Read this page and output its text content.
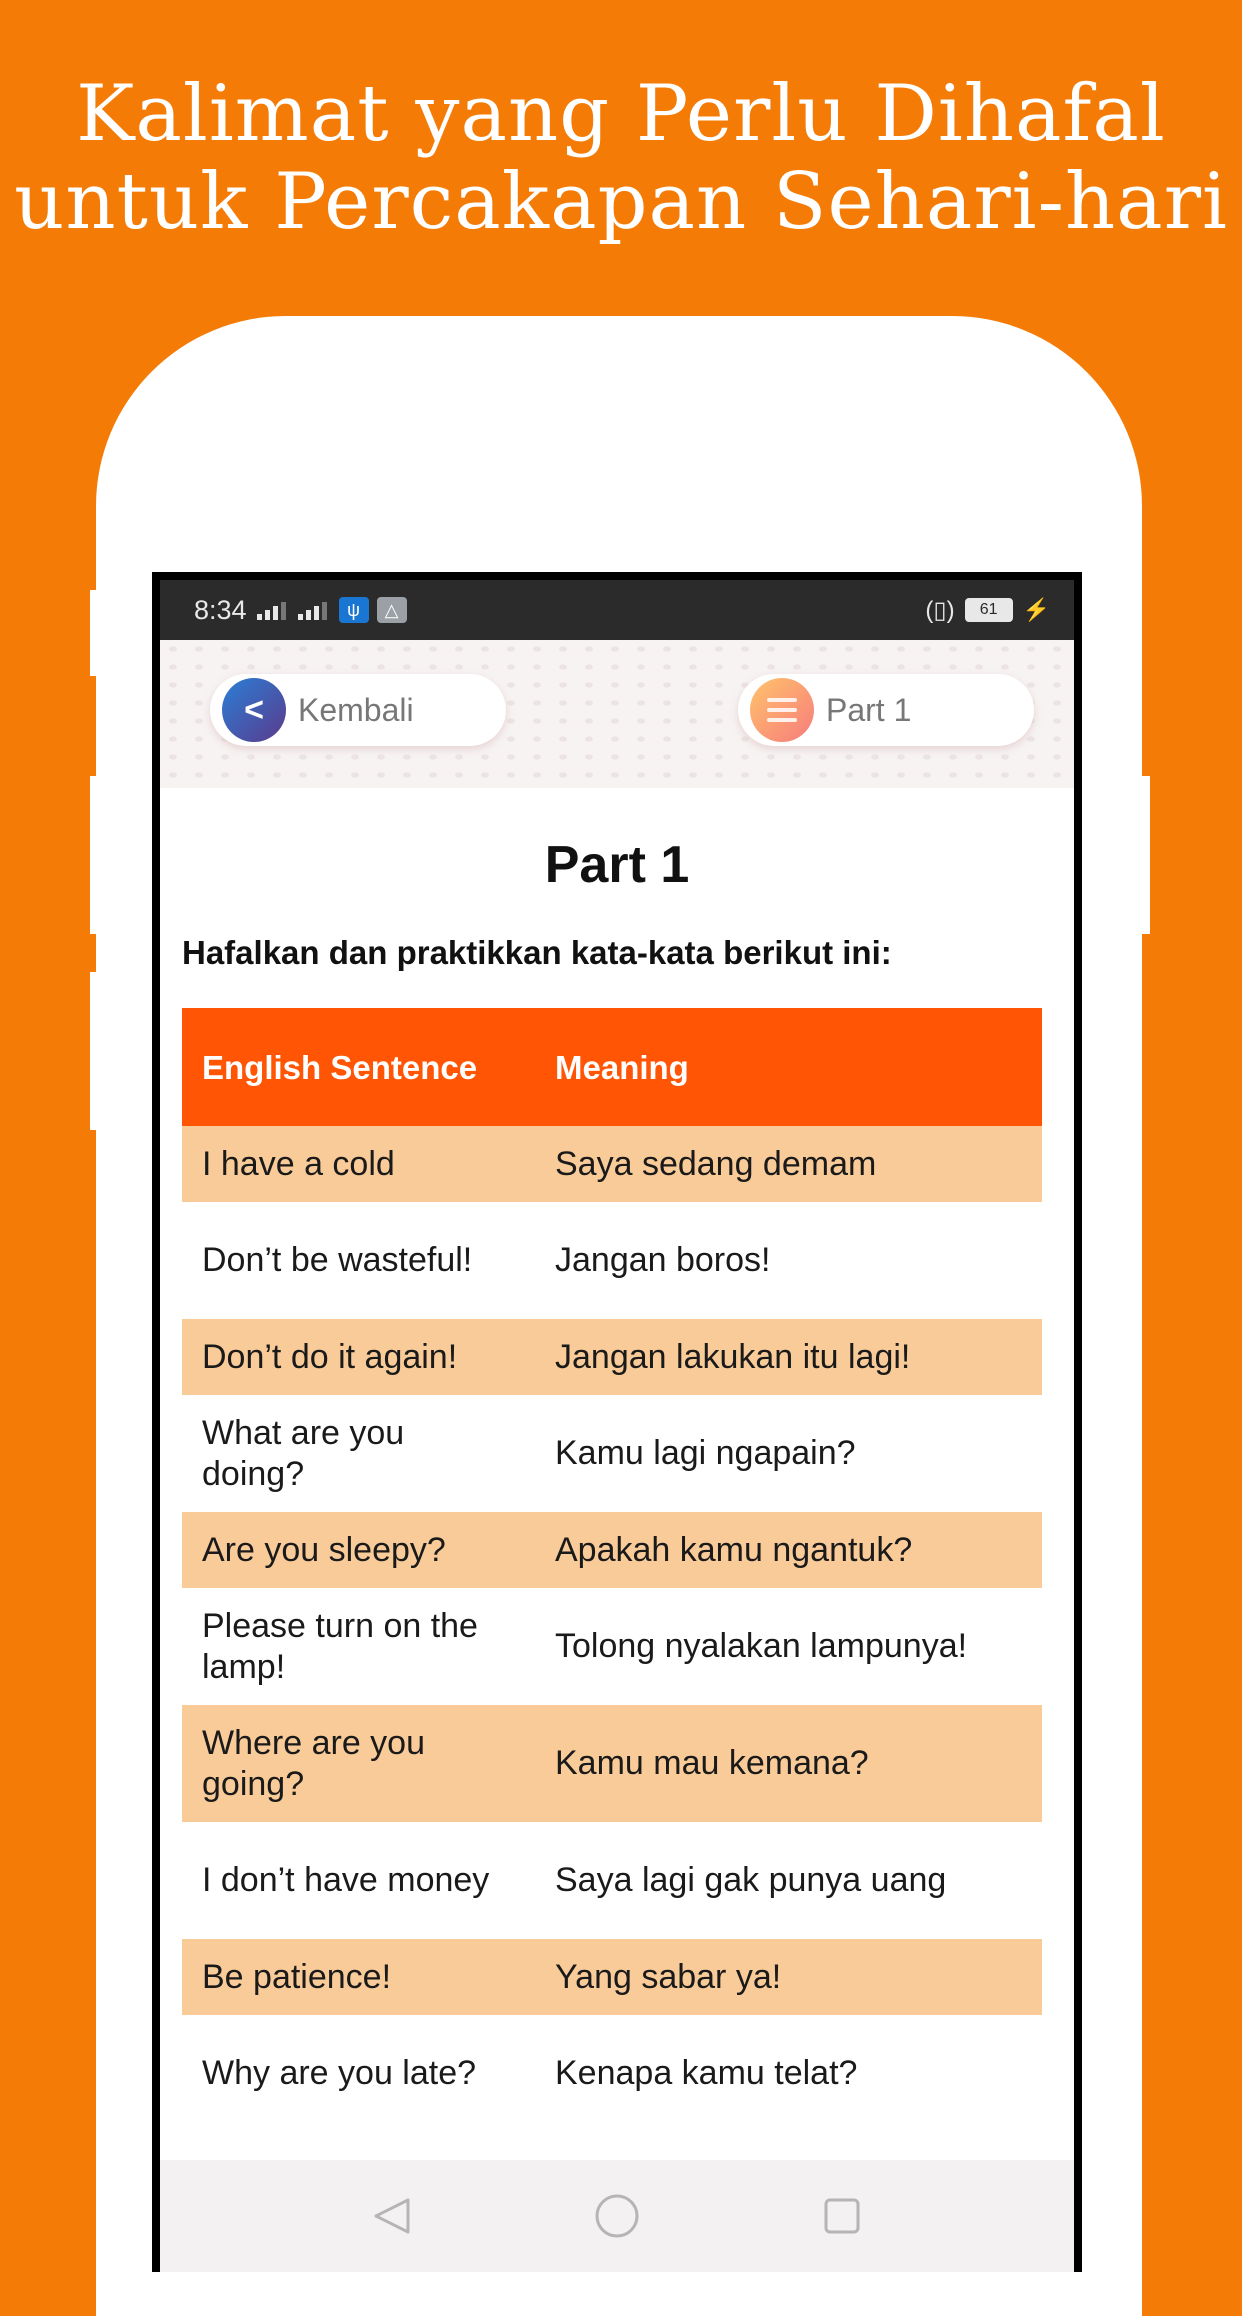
Kalimat yang Perlu Dihafal
untuk Percakapan Sehari-hari
8:34	ψ	△	(▯)	61	⚡
<	Kembali	Part 1
Part 1
Hafalkan dan praktikkan kata-kata berikut ini:
English Sentence	Meaning
I have a cold	Saya sedang demam
Don’t be wasteful!	Jangan boros!
Don’t do it again!	Jangan lakukan itu lagi!
What are you doing?	Kamu lagi ngapain?
Are you sleepy?	Apakah kamu ngantuk?
Please turn on the lamp!	Tolong nyalakan lampunya!
Where are you going?	Kamu mau kemana?
I don’t have money	Saya lagi gak punya uang
Be patience!	Yang sabar ya!
Why are you late?	Kenapa kamu telat?
